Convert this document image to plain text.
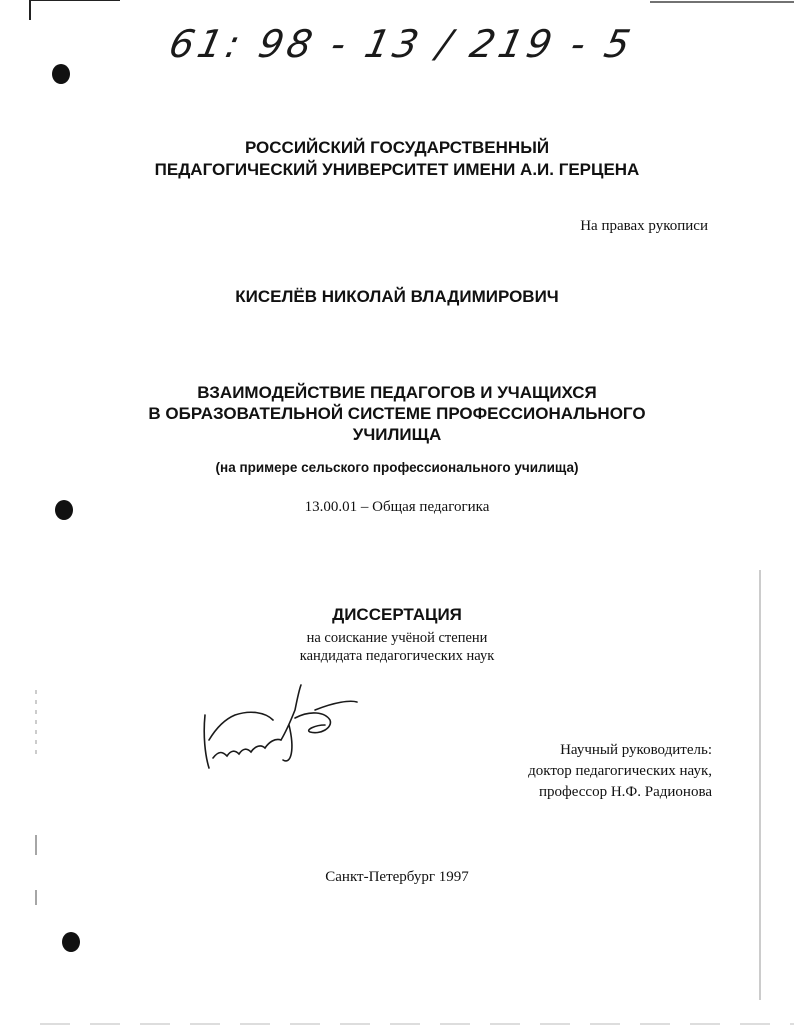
61: 98 - 13 / 219 - 5
РОССИЙСКИЙ ГОСУДАРСТВЕННЫЙ
ПЕДАГОГИЧЕСКИЙ УНИВЕРСИТЕТ ИМЕНИ А.И. ГЕРЦЕНА
На правах рукописи
КИСЕЛЁВ НИКОЛАЙ ВЛАДИМИРОВИЧ
ВЗАИМОДЕЙСТВИЕ ПЕДАГОГОВ И УЧАЩИХСЯ
В ОБРАЗОВАТЕЛЬНОЙ СИСТЕМЕ ПРОФЕССИОНАЛЬНОГО
УЧИЛИЩА
(на примере сельского профессионального училища)
13.00.01 – Общая педагогика
ДИССЕРТАЦИЯ
на соискание учёной степени
кандидата педагогических наук
Научный руководитель:
доктор педагогических наук,
профессор Н.Ф. Радионова
Санкт-Петербург 1997
